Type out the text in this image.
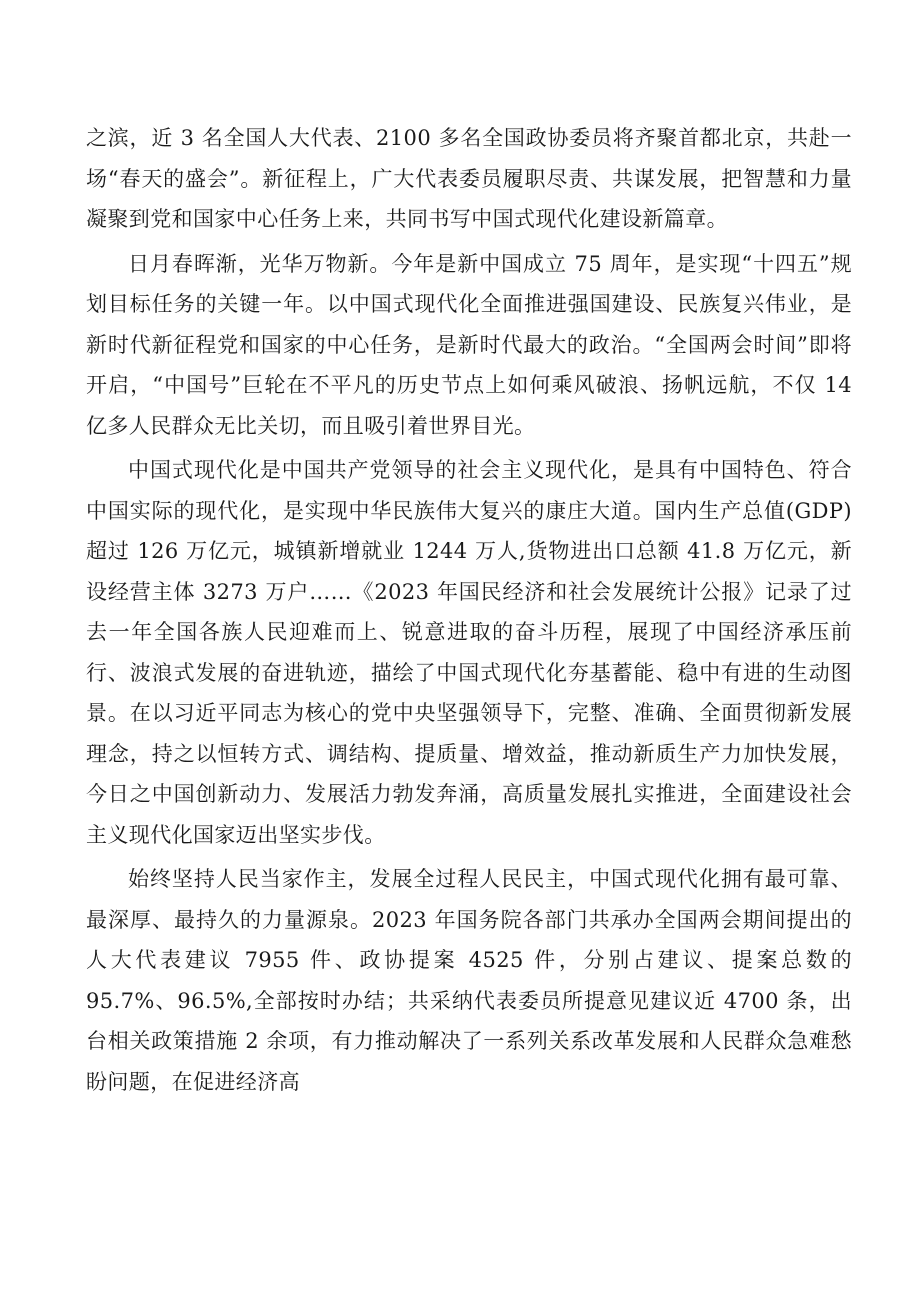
之滨，近 3 名全国人大代表、2100 多名全国政协委员将齐聚首都北京，共赴一场“春天的盛会”。新征程上，广大代表委员履职尽责、共谋发展，把智慧和力量凝聚到党和国家中心任务上来，共同书写中国式现代化建设新篇章。

日月春晖渐，光华万物新。今年是新中国成立 75 周年，是实现“十四五”规划目标任务的关键一年。以中国式现代化全面推进强国建设、民族复兴伟业，是新时代新征程党和国家的中心任务，是新时代最大的政治。“全国两会时间”即将开启，“中国号”巨轮在不平凡的历史节点上如何乘风破浪、扬帆远航，不仅 14 亿多人民群众无比关切，而且吸引着世界目光。

中国式现代化是中国共产党领导的社会主义现代化，是具有中国特色、符合中国实际的现代化，是实现中华民族伟大复兴的康庄大道。国内生产总值(GDP)超过 126 万亿元，城镇新增就业 1244 万人,货物进出口总额 41.8 万亿元，新设经营主体 3273 万户……《2023 年国民经济和社会发展统计公报》记录了过去一年全国各族人民迎难而上、锐意进取的奋斗历程，展现了中国经济承压前行、波浪式发展的奋进轨迹，描绘了中国式现代化夯基蓄能、稳中有进的生动图景。在以习近平同志为核心的党中央坚强领导下，完整、准确、全面贯彻新发展理念，持之以恒转方式、调结构、提质量、增效益，推动新质生产力加快发展，今日之中国创新动力、发展活力勃发奔涌，高质量发展扎实推进，全面建设社会主义现代化国家迈出坚实步伐。

始终坚持人民当家作主，发展全过程人民民主，中国式现代化拥有最可靠、最深厚、最持久的力量源泉。2023 年国务院各部门共承办全国两会期间提出的人大代表建议 7955 件、政协提案 4525 件，分别占建议、提案总数的 95.7%、96.5%,全部按时办结；共采纳代表委员所提意见建议近 4700 条，出台相关政策措施 2 余项，有力推动解决了一系列关系改革发展和人民群众急难愁盼问题，在促进经济高
